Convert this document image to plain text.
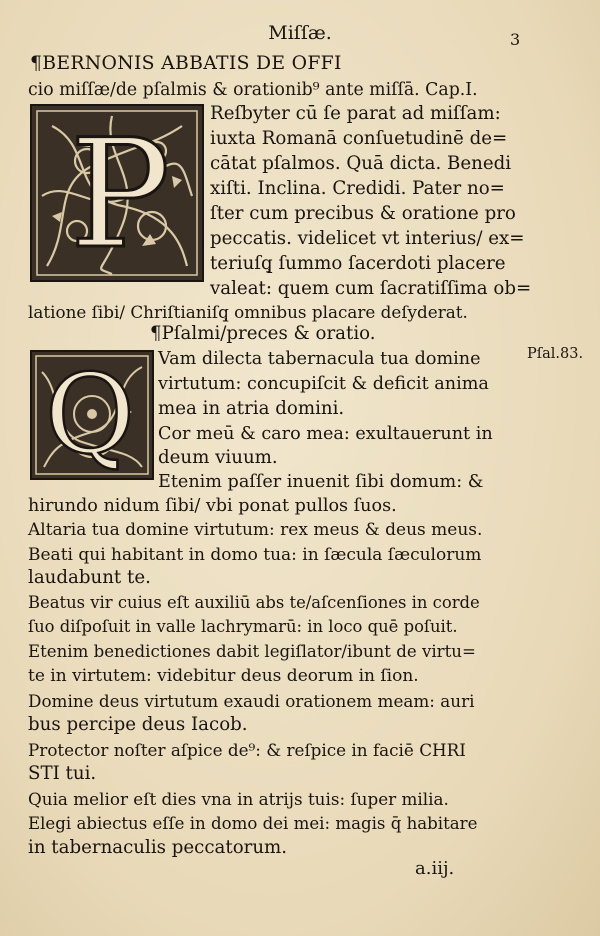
Miſſæ.	3
P
Q
¶BERNONIS ABBATIS DE OFFI
cio miſſæ/de pſalmis & orationib⁹ ante miſſā. Cap.I.
Reſbyter cū ſe parat ad miſſam:
iuxta Romanā conſuetudinē de=
cātat pſalmos. Quā dicta. Benedi
xiſti. Inclina. Credidi. Pater no=
ſter cum precibus & oratione pro
peccatis. videlicet vt interius/ ex=
teriuſq̧ ſummo ſacerdoti placere
valeat: quem cum ſacratiſſima ob=
latione ſibi/ Chriſtianiſq̧ omnibus placare deſyderat.
¶Pſalmi/preces & oratio.
Pſal.83.
Vam dilecta tabernacula tua domine
virtutum: concupiſcit & deficit anima
mea in atria domini.
Cor meū & caro mea: exultauerunt in
deum viuum.
Etenim paſſer inuenit ſibi domum: &
hirundo nidum ſibi/ vbi ponat pullos ſuos.
Altaria tua domine virtutum: rex meus & deus meus.
Beati qui habitant in domo tua: in ſæcula ſæculorum
laudabunt te.
Beatus vir cuius eſt auxiliū abs te/aſcenſiones in corde
ſuo diſpoſuit in valle lachrymarū: in loco quē poſuit.
Etenim benedictiones dabit legiſlator/ibunt de virtu=
te in virtutem: videbitur deus deorum in ſion.
Domine deus virtutum exaudi orationem meam: auri
bus percipe deus Iacob.
Protector noſter aſpice de⁹: & reſpice in faciē CHRI
STI tui.
Quia melior eſt dies vna in atrijs tuis: ſuper milia.
Elegi abiectus eſſe in domo dei mei: magis q̄ habitare
in tabernaculis peccatorum.
a.iij.
